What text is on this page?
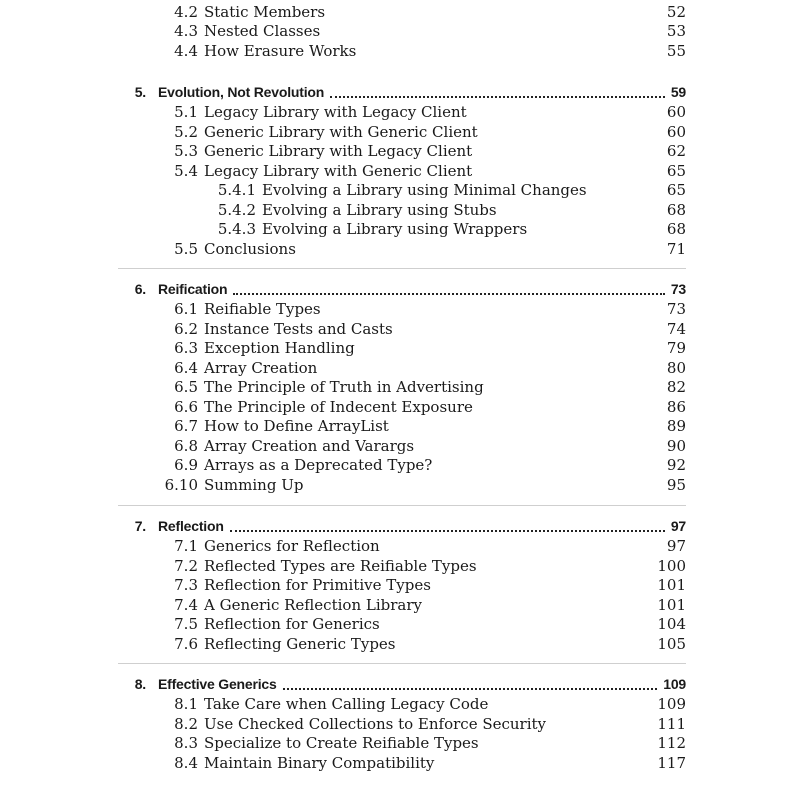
4.2 Static Members	52
4.3 Nested Classes	53
4.4 How Erasure Works	55
5. Evolution, Not Revolution	59
5.1 Legacy Library with Legacy Client	60
5.2 Generic Library with Generic Client	60
5.3 Generic Library with Legacy Client	62
5.4 Legacy Library with Generic Client	65
5.4.1 Evolving a Library using Minimal Changes	65
5.4.2 Evolving a Library using Stubs	68
5.4.3 Evolving a Library using Wrappers	68
5.5 Conclusions	71
6. Reification	73
6.1 Reifiable Types	73
6.2 Instance Tests and Casts	74
6.3 Exception Handling	79
6.4 Array Creation	80
6.5 The Principle of Truth in Advertising	82
6.6 The Principle of Indecent Exposure	86
6.7 How to Define ArrayList	89
6.8 Array Creation and Varargs	90
6.9 Arrays as a Deprecated Type?	92
6.10 Summing Up	95
7. Reflection	97
7.1 Generics for Reflection	97
7.2 Reflected Types are Reifiable Types	100
7.3 Reflection for Primitive Types	101
7.4 A Generic Reflection Library	101
7.5 Reflection for Generics	104
7.6 Reflecting Generic Types	105
8. Effective Generics	109
8.1 Take Care when Calling Legacy Code	109
8.2 Use Checked Collections to Enforce Security	111
8.3 Specialize to Create Reifiable Types	112
8.4 Maintain Binary Compatibility	117
